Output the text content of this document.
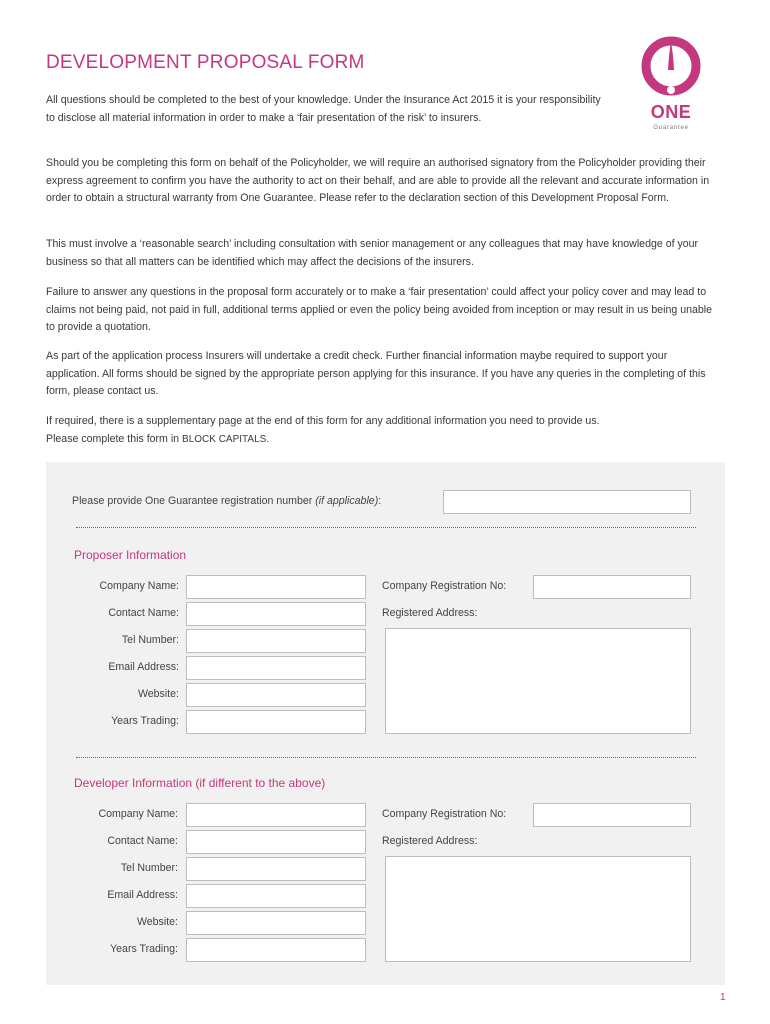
DEVELOPMENT PROPOSAL FORM
ONE
Guarantee

All questions should be completed to the best of your knowledge. Under the Insurance Act 2015 it is your responsibility to disclose all material information in order to make a ‘fair presentation of the risk’ to insurers.

Should you be completing this form on behalf of the Policyholder, we will require an authorised signatory from the Policyholder providing their express agreement to confirm you have the authority to act on their behalf, and are able to provide all the relevant and accurate information in order to obtain a structural warranty from One Guarantee. Please refer to the declaration section of this Development Proposal Form.

This must involve a ‘reasonable search’ including consultation with senior management or any colleagues that may have knowledge of your business so that all matters can be identified which may affect the decisions of the insurers.

Failure to answer any questions in the proposal form accurately or to make a ‘fair presentation’ could affect your policy cover and may lead to claims not being paid, not paid in full, additional terms applied or even the policy being avoided from inception or may result in us being unable to provide a quotation.

As part of the application process Insurers will undertake a credit check. Further financial information maybe required to support your application. All forms should be signed by the appropriate person applying for this insurance. If you have any queries in the completing of this form, please contact us.

If required, there is a supplementary page at the end of this form for any additional information you need to provide us.
Please complete this form in BLOCK CAPITALS.

Please provide One Guarantee registration number (if applicable):
Proposer Information
Company Name:
Contact Name:
Tel Number:
Email Address:
Website:
Years Trading:
Company Registration No:
Registered Address:
Developer Information (if different to the above)
Company Name:
Contact Name:
Tel Number:
Email Address:
Website:
Years Trading:
Company Registration No:
Registered Address:
1
